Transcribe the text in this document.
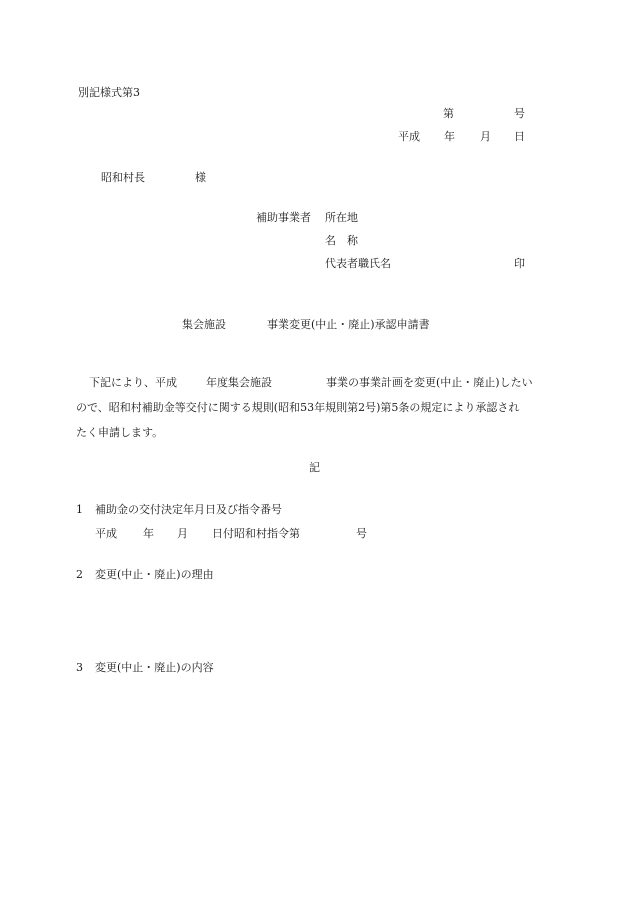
別記様式第3
第	号
平成 年 月 日
昭和村長	様
補助事業者 所在地
名　称
代表者職氏名	印
集会施設	事業変更(中止・廃止)承認申請書
下記により、平成	年度集会施設	事業の事業計画を変更(中止・廃止)したい
ので、昭和村補助金等交付に関する規則(昭和53年規則第2号)第5条の規定により承認され
たく申請します。
記
1 補助金の交付決定年月日及び指令番号
平成 年 月 日付昭和村指令第	号
2 変更(中止・廃止)の理由
3 変更(中止・廃止)の内容
